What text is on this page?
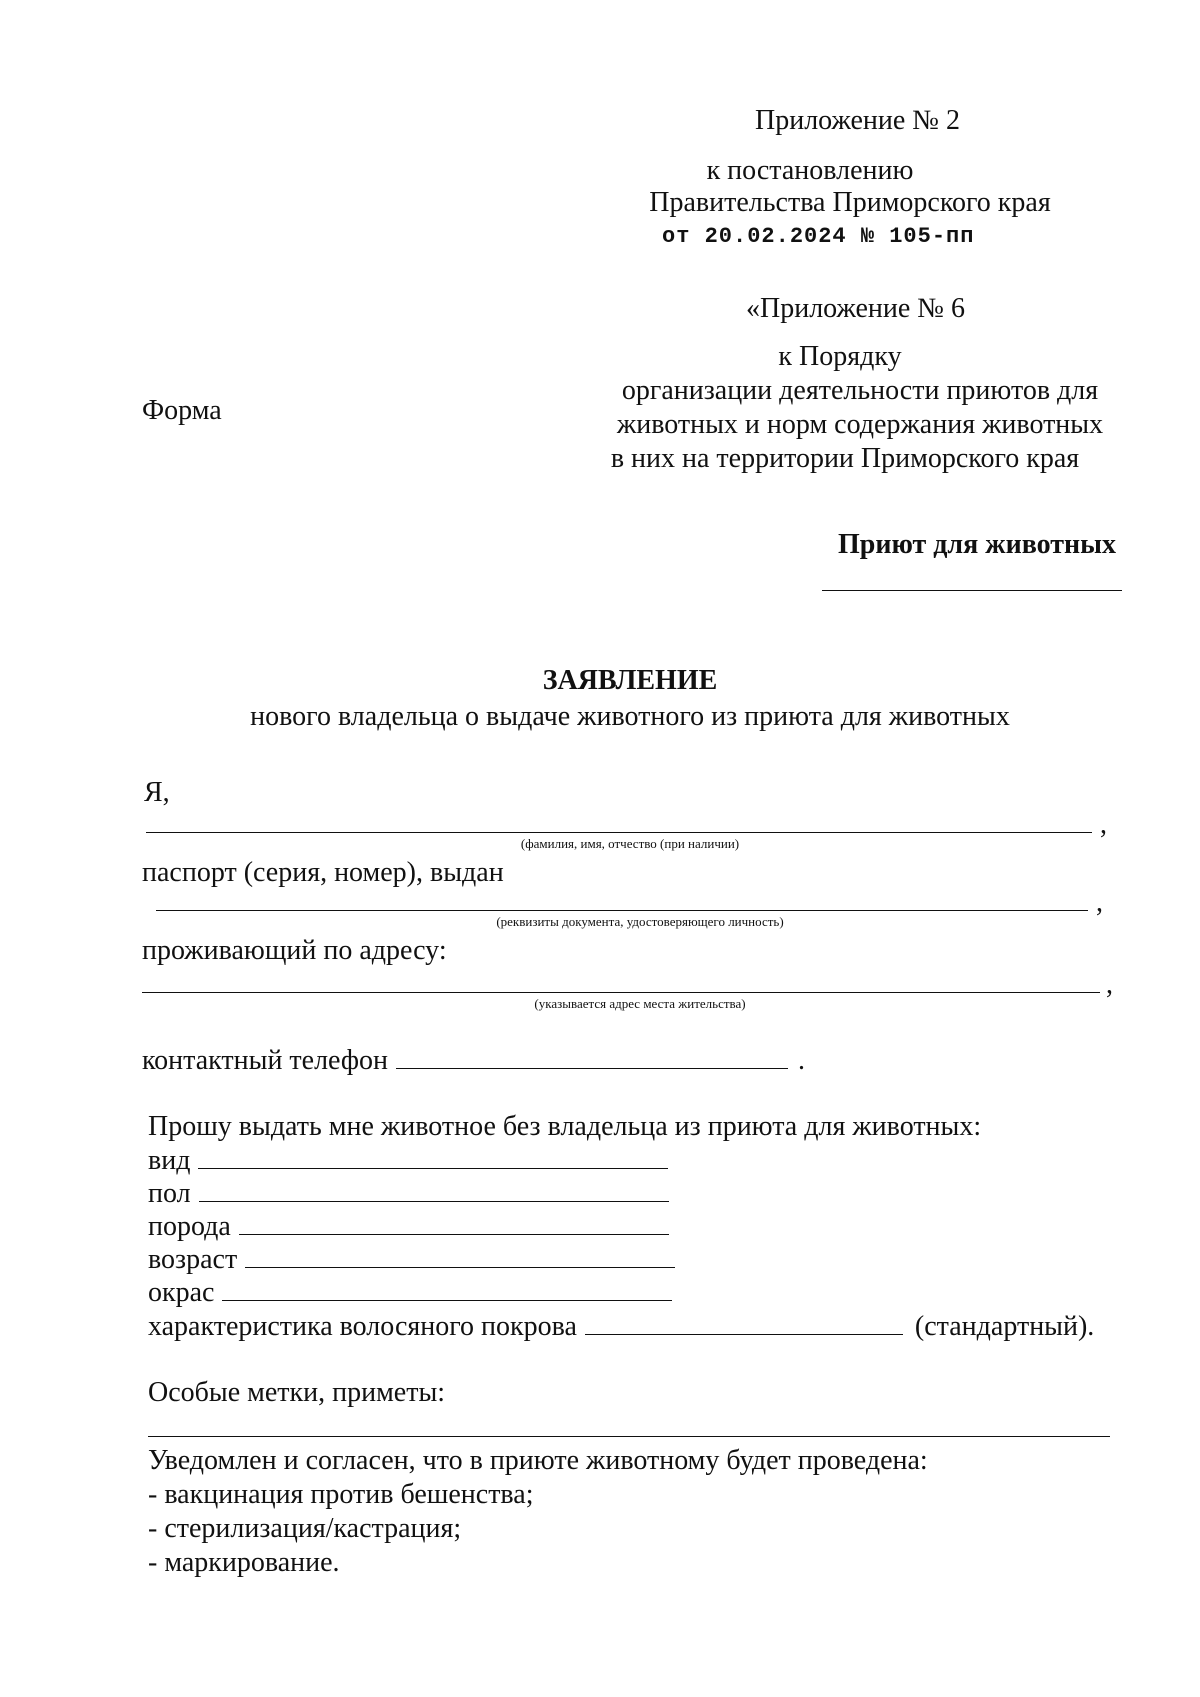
Приложение № 2
к постановлению
Правительства Приморского края
от 20.02.2024 № 105-пп
«Приложение № 6
к Порядку
организации деятельности приютов для
животных и норм содержания животных
в них на территории Приморского края
Форма
Приют для животных
ЗАЯВЛЕНИЕ
нового владельца о выдаче животного из приюта для животных
Я,
,
(фамилия, имя, отчество (при наличии)
паспорт (серия, номер), выдан
,
(реквизиты документа, удостоверяющего личность)
проживающий по адресу:
,
(указывается адрес места жительства)
контактный телефон	.
Прошу выдать мне животное без владельца из приюта для животных:
вид
пол
порода
возраст
окрас
характеристика волосяного покрова	(стандартный).
Особые метки, приметы:
Уведомлен и согласен, что в приюте животному будет проведена:
- вакцинация против бешенства;
- стерилизация/кастрация;
- маркирование.
